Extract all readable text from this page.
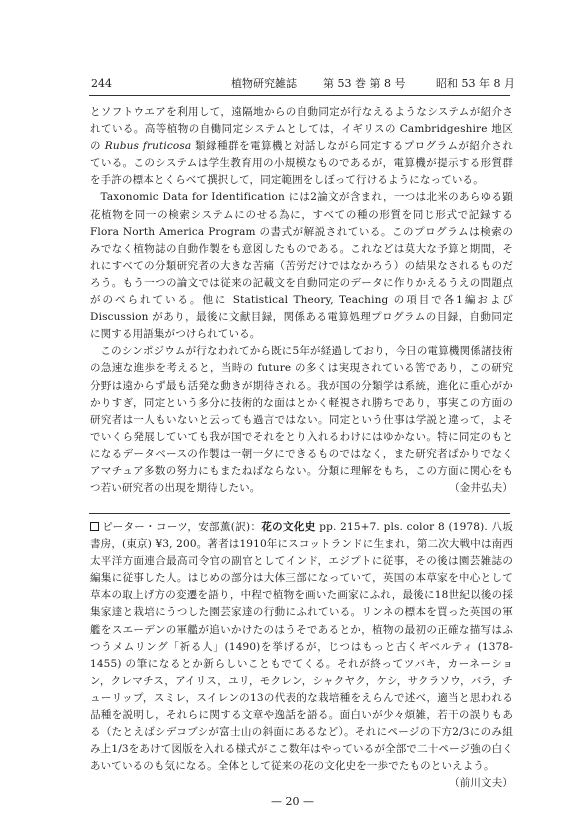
244	植物研究雑誌 第 53 巻 第 8 号	昭和 53 年 8 月

とソフトウエアを利用して，遠隔地からの自動同定が行なえるようなシステムが紹介されている。高等植物の自働同定システムとしては，イギリスの Cambridgeshire 地区の Rubus fruticosa 類縁種群を電算機と対話しながら同定するプログラムが紹介されている。このシステムは学生教育用の小規模なものであるが，電算機が提示する形質群を手許の標本とくらべて撰択して，同定範囲をしぼって行けるようになっている。

Taxonomic Data for Identification には2論文が含まれ，一つは北米のあらゆる顕花植物を同一の検索システムにのせる為に，すべての種の形質を同じ形式で記録する Flora North America Program の書式が解説されている。このプログラムは検索のみでなく植物誌の自動作製をも意図したものである。これなどは莫大な予算と期間，それにすべての分類研究者の大きな苦痛（苦労だけではなかろう）の結果なされるものだろう。もう一つの論文では従来の記載文を自動同定のデータに作りかえるうえの問題点がのべられている。他に Statistical Theory, Teaching の項目で各1編および Discussion があり，最後に文献目録，関係ある電算処理プログラムの目録，自動同定に関する用語集がつけられている。

このシンポジウムが行なわれてから既に5年が経過しており，今日の電算機関係諸技術の急速な進歩を考えると，当時の future の多くは実現されている筈であり，この研究分野は遠からず最も活発な動きが期待される。我が国の分類学は系統，進化に重心がかかりすぎ，同定という多分に技術的な面はとかく軽視され勝ちであり，事実この方面の研究者は一人もいないと云っても過言ではない。同定という仕事は学説と違って，よそでいくら発展していても我が国でそれをとり入れるわけにはゆかない。特に同定のもとになるデータベースの作製は一朝一夕にできるものではなく，また研究者ばかりでなくアマチュア多数の努力にもまたねばならない。分類に理解をもち，この方面に関心をもつ若い研究者の出現を期待したい。	（金井弘夫）

ピーター・コーツ，安部薫(訳)：花の文化史 pp. 215+7. pls. color 8 (1978). 八坂書房，(東京) ¥3, 200。著者は1910年にスコットランドに生まれ，第二次大戦中は南西太平洋方面連合最高司令官の副官としてインド，エジプトに従事，その後は園芸雑誌の編集に従事した人。はじめの部分は大体三部になっていて，英国の本草家を中心として草本の取上げ方の変遷を語り，中程で植物を画いた画家にふれ，最後に18世紀以後の採集家達と栽培にうつした園芸家達の行動にふれている。リンネの標本を買った英国の軍艦をスエーデンの軍艦が追いかけたのはうそであるとか，植物の最初の正確な描写はふつうメムリング「祈る人」(1490)を挙げるが，じつはもっと古くギベルティ (1378-1455) の筆になるとか新らしいこともでてくる。それが終ってツバキ，カーネーション，クレマチス，アイリス，ユリ，モクレン，シャクヤク，ケシ，サクラソウ，バラ，チューリップ，スミレ，スイレンの13の代表的な栽培種をえらんで述べ，適当と思われる品種を説明し，それらに関する文章や逸話を語る。面白いが少々煩雑，若干の誤りもある（たとえばシデコブシが富士山の斜面にあるなど）。それにページの下方2/3にのみ組み上1/3をあけて図版を入れる様式がここ数年はやっているが全部で二十ページ強の白くあいているのも気になる。全体として従来の花の文化史を一歩でたものといえよう。
（前川文夫）

— 20 —
